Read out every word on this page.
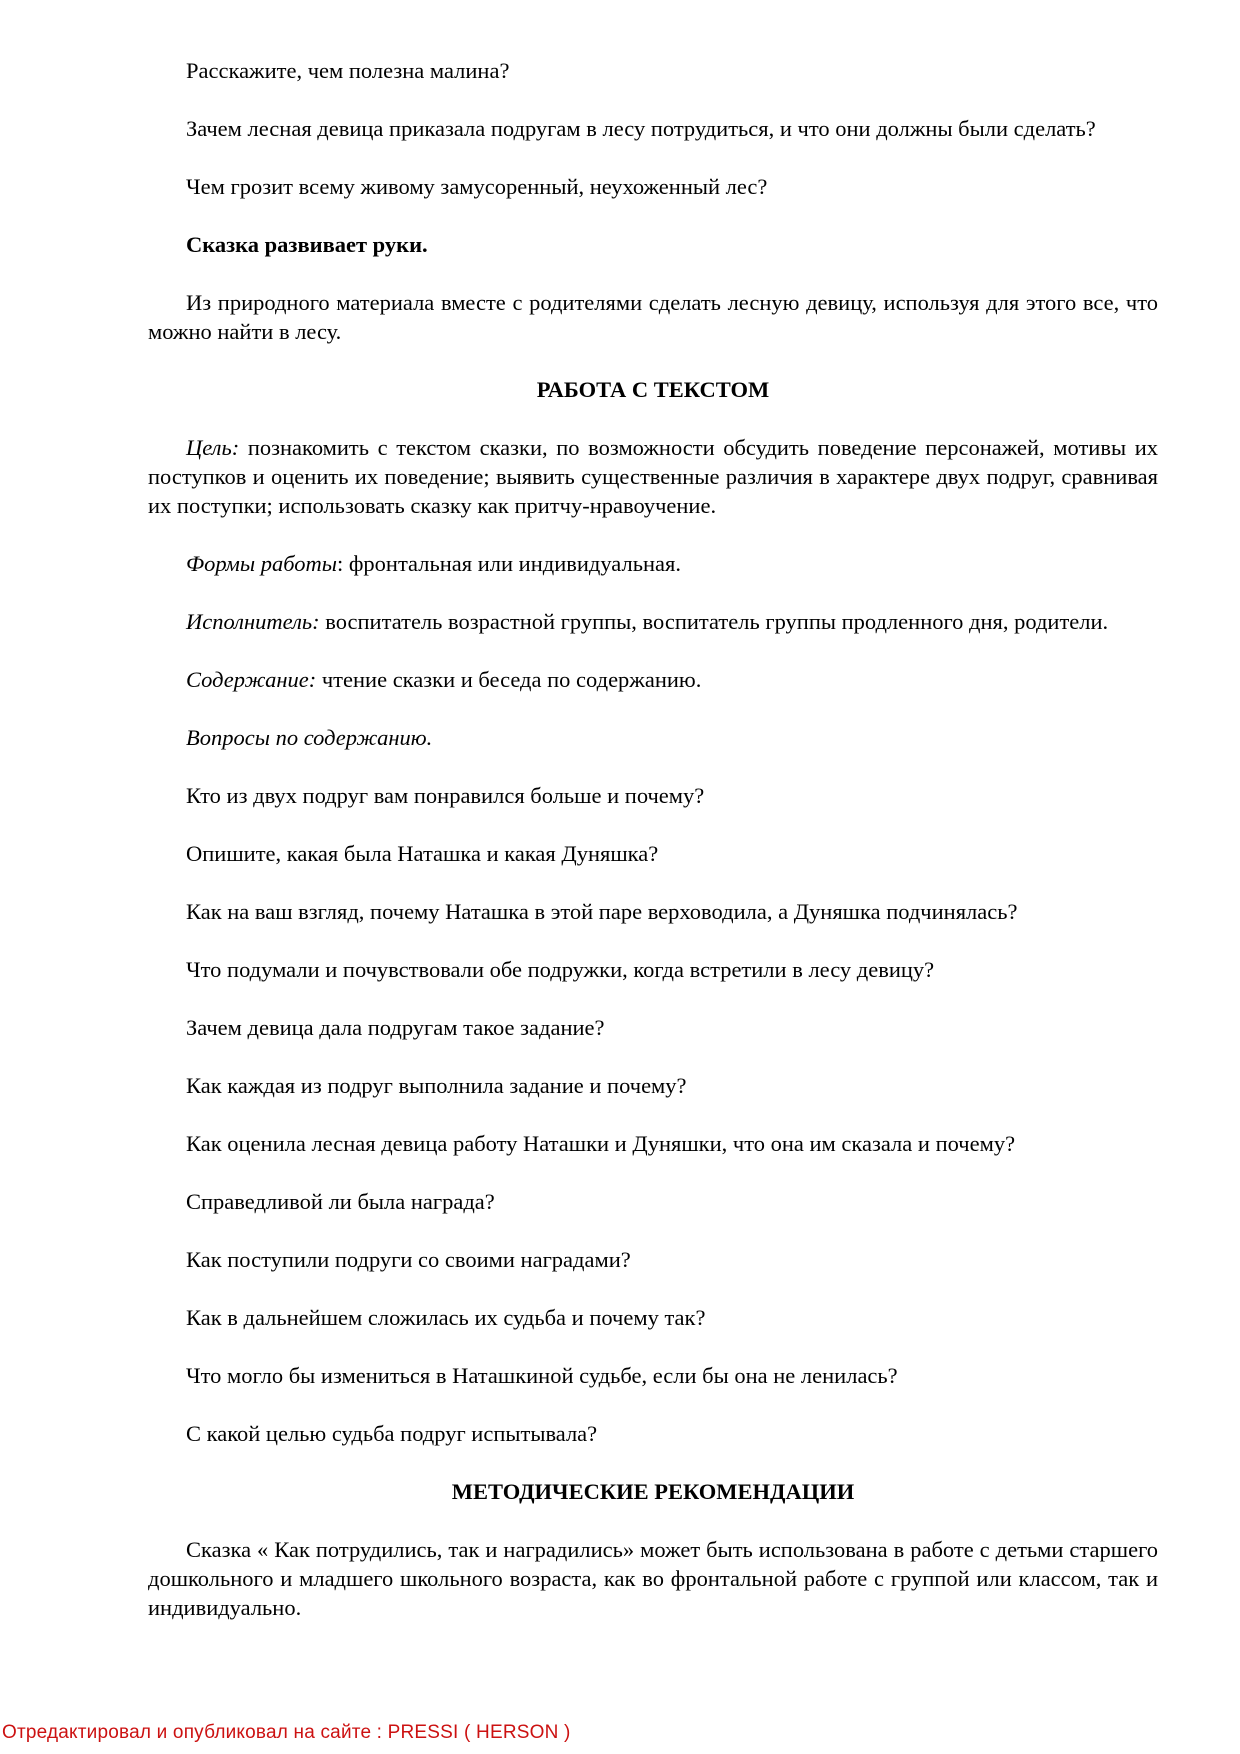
Расскажите, чем полезна малина?

Зачем лесная девица приказала подругам в лесу потрудиться, и что они должны были сделать?

Чем грозит всему живому замусоренный, неухоженный лес?

Сказка развивает руки.

Из природного материала вместе с родителями сделать лесную девицу, используя для этого все, что можно найти в лесу.

РАБОТА С ТЕКСТОМ

Цель: познакомить с текстом сказки, по возможности обсудить поведение персонажей, мотивы их поступков и оценить их поведение; выявить существенные различия в характере двух подруг, сравнивая их поступки; использовать сказку как притчу-нравоучение.

Формы работы: фронтальная или индивидуальная.

Исполнитель: воспитатель возрастной группы, воспитатель группы продленного дня, родители.

Содержание: чтение сказки и беседа по содержанию.

Вопросы по содержанию.

Кто из двух подруг вам понравился больше и почему?

Опишите, какая была Наташка и какая Дуняшка?

Как на ваш взгляд, почему Наташка в этой паре верховодила, а Дуняшка подчинялась?

Что подумали и почувствовали обе подружки, когда встретили в лесу девицу?

Зачем девица дала подругам такое задание?

Как каждая из подруг выполнила задание и почему?

Как оценила лесная девица работу Наташки и Дуняшки, что она им сказала и почему?

Справедливой ли была награда?

Как поступили подруги со своими наградами?

Как в дальнейшем сложилась их судьба и почему так?

Что могло бы измениться в Наташкиной судьбе, если бы она не ленилась?

С какой целью судьба подруг испытывала?

МЕТОДИЧЕСКИЕ РЕКОМЕНДАЦИИ

Сказка « Как потрудились, так и наградились» может быть использована в работе с детьми старшего дошкольного и младшего школьного возраста, как во фронтальной работе с группой или классом, так и индивидуально.

Отредактировал и опубликовал на сайте : PRESSI ( HERSON )
